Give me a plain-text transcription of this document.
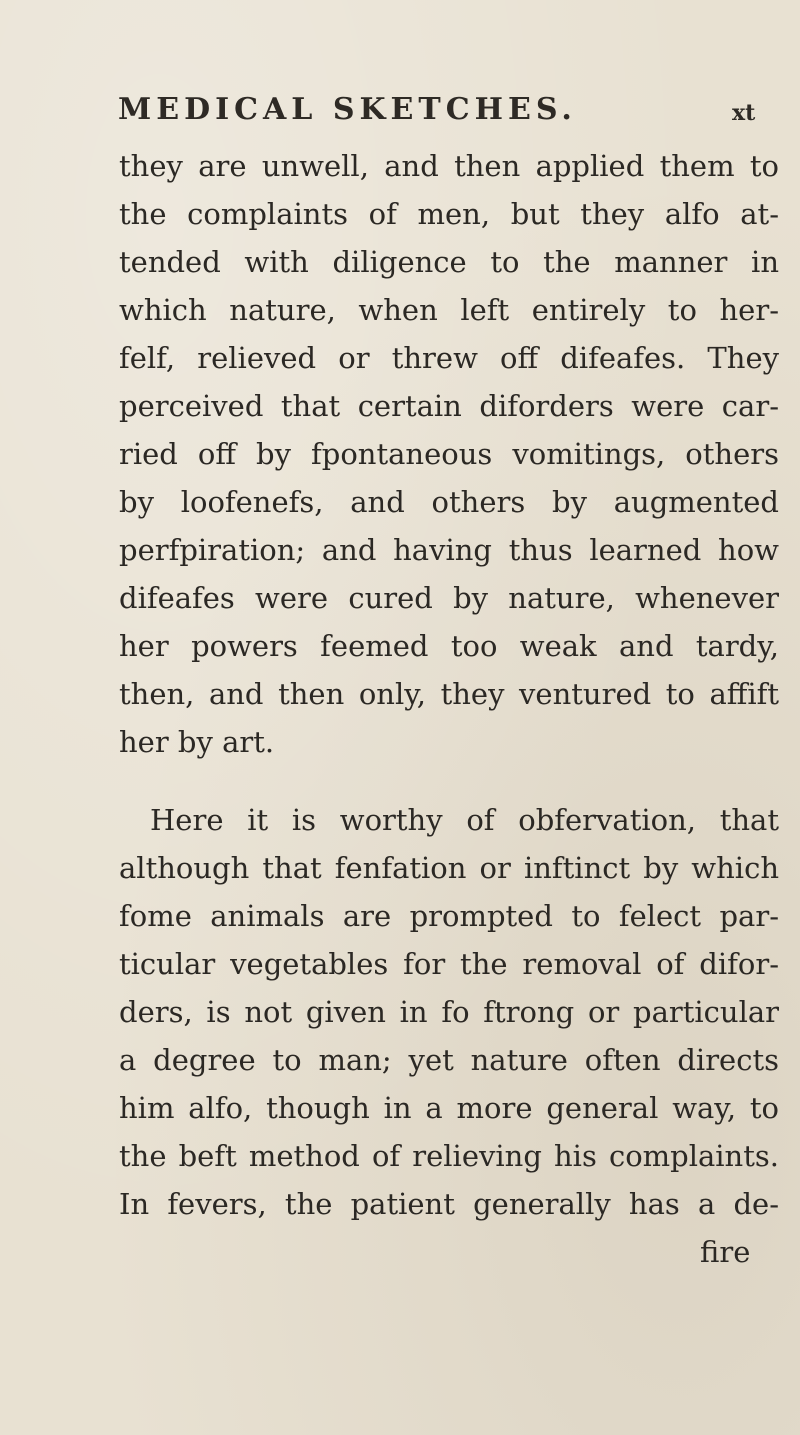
MEDICAL SKETCHES.	xt
they are unwell, and then applied them to
the complaints of men, but they alfo at-
tended with diligence to the manner in
which nature, when left entirely to her-
felf, relieved or threw off difeafes. They
perceived that certain diforders were car-
ried off by fpontaneous vomitings, others
by loofenefs, and others by augmented
perfpiration; and having thus learned how
difeafes were cured by nature, whenever
her powers feemed too weak and tardy,
then, and then only, they ventured to affift
her by art.
Here it is worthy of obfervation, that
although that fenfation or inftinct by which
fome animals are prompted to felect par-
ticular vegetables for the removal of difor-
ders, is not given in fo ftrong or particular
a degree to man; yet nature often directs
him alfo, though in a more general way, to
the beft method of relieving his complaints.
In fevers, the patient generally has a de-
fire
